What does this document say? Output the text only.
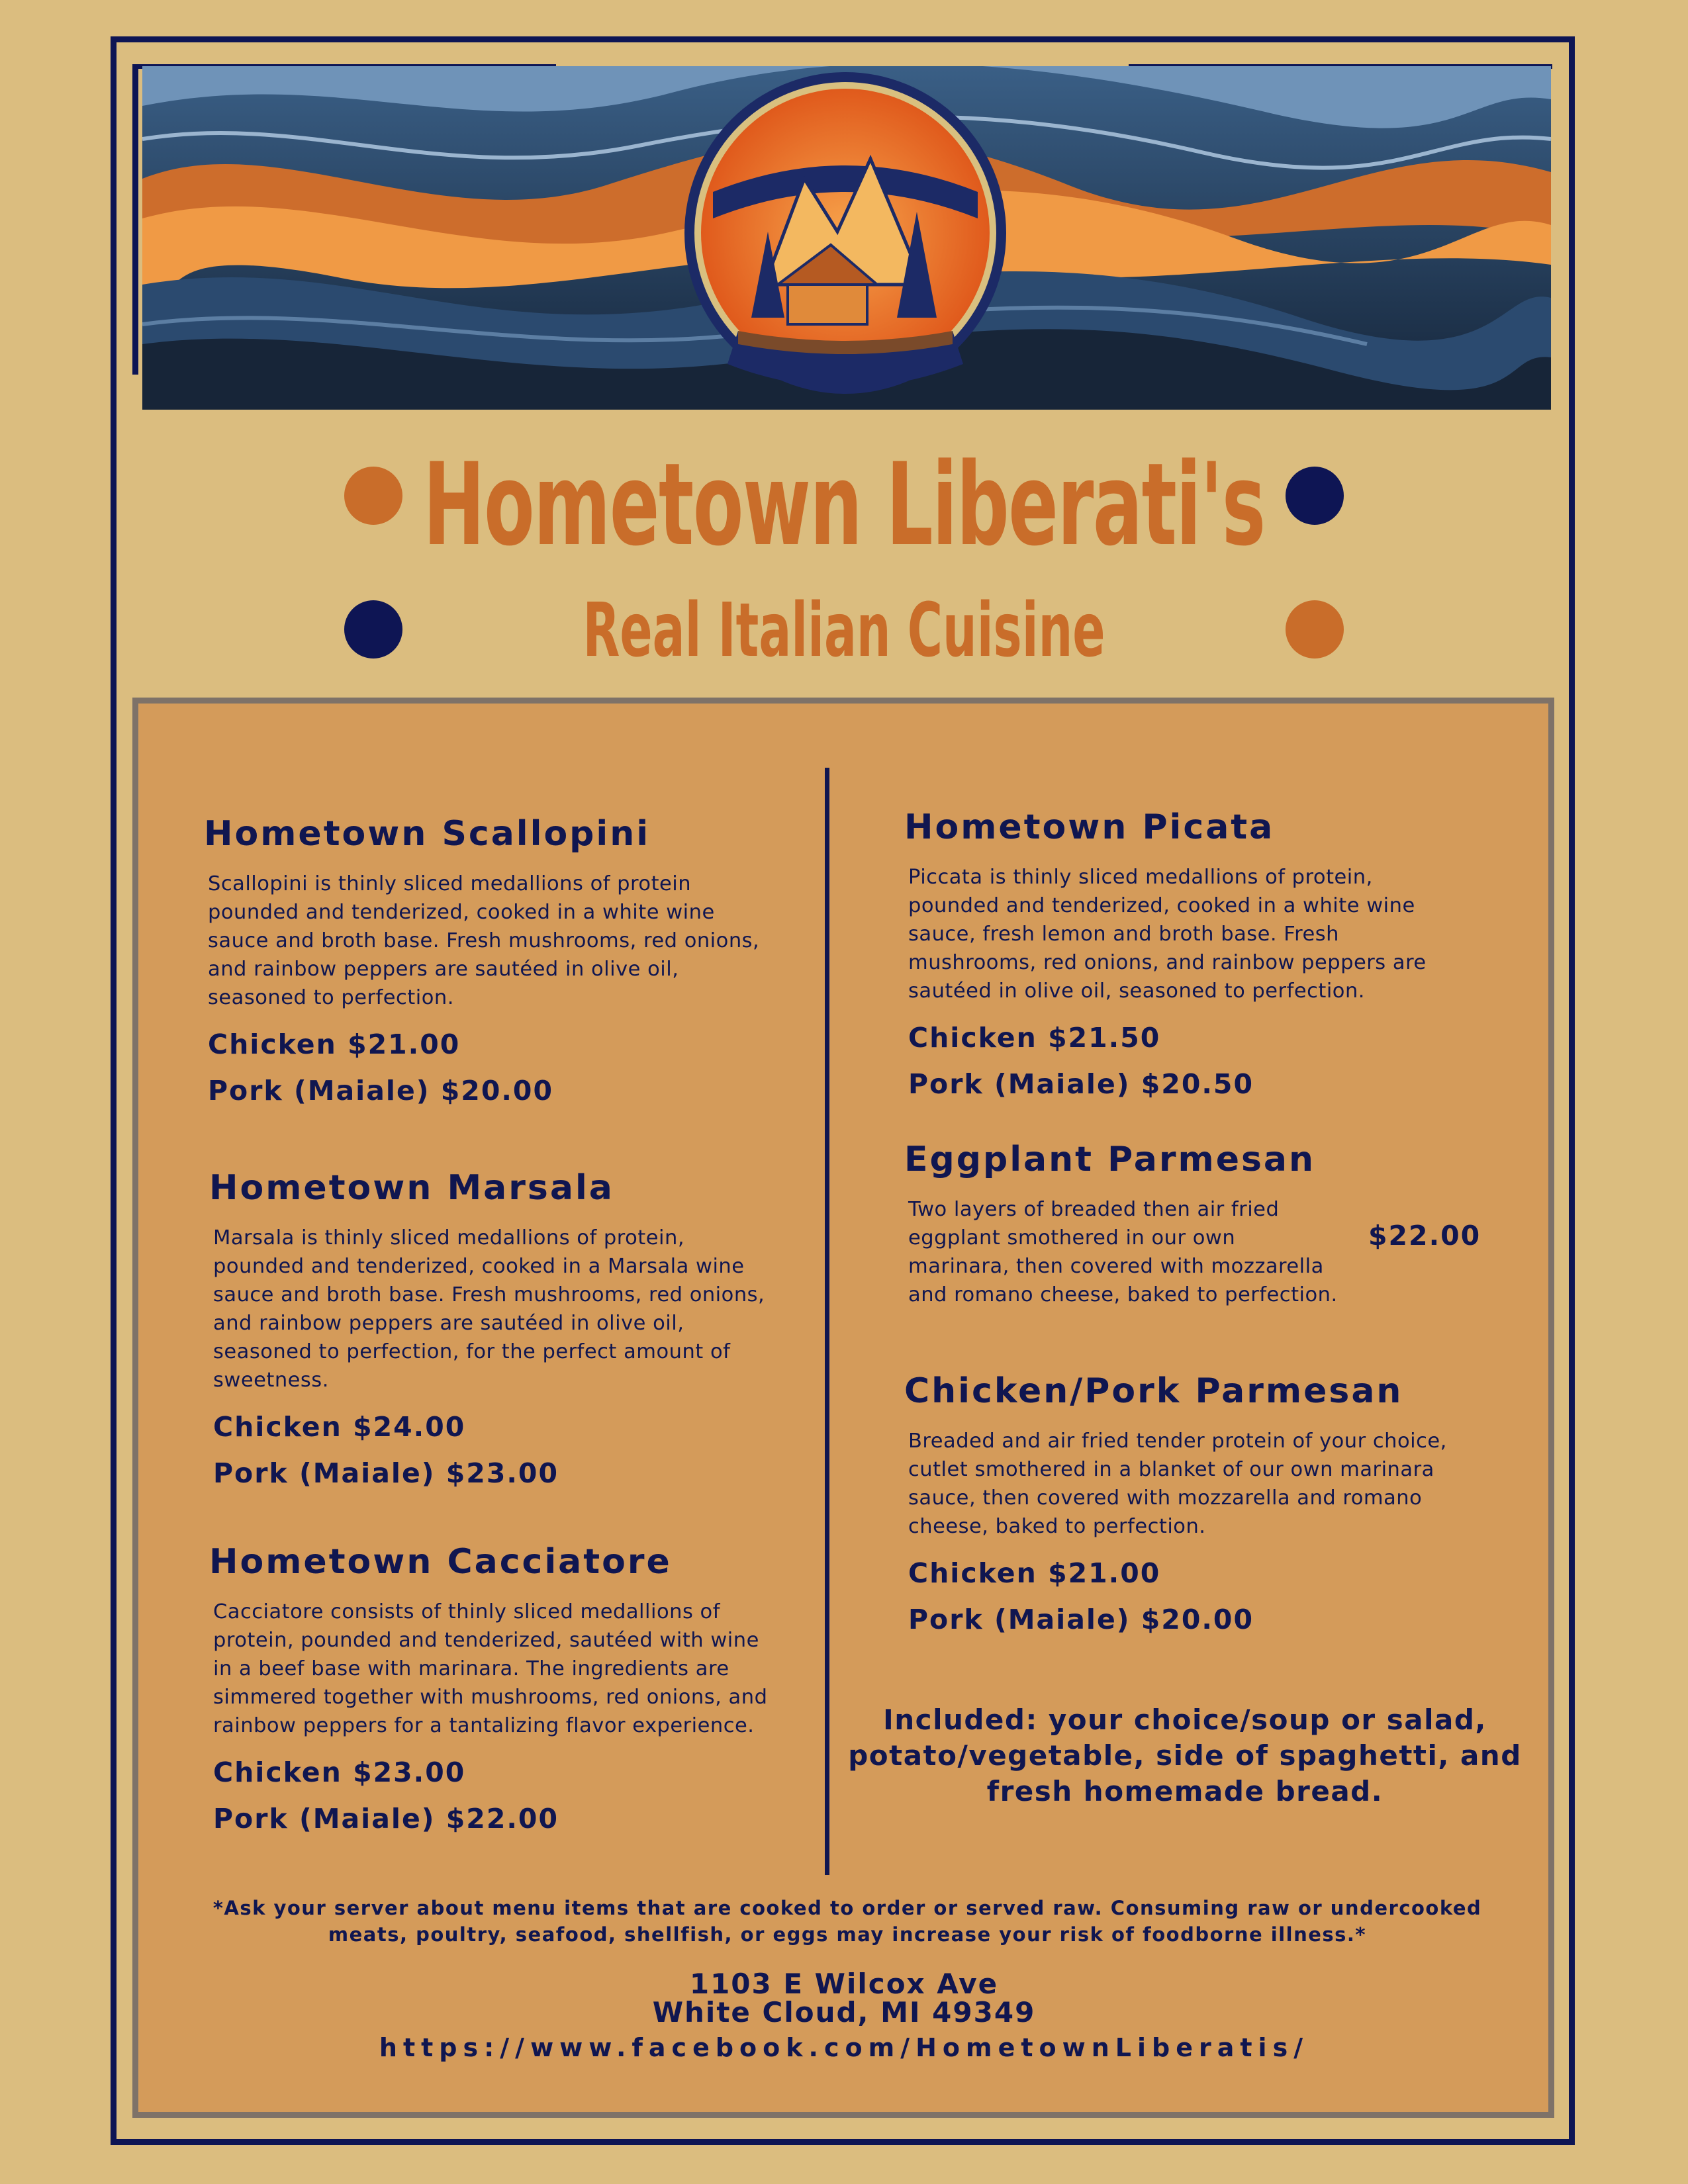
Hometown Liberati's
Real Italian Cuisine
Hometown Scallopini

Scallopini is thinly sliced medallions of protein pounded and tenderized, cooked in a white wine sauce and broth base. Fresh mushrooms, red onions, and rainbow peppers are sautéed in olive oil, seasoned to perfection.

Chicken $21.00
Pork (Maiale) $20.00
Hometown Marsala

Marsala is thinly sliced medallions of protein, pounded and tenderized, cooked in a Marsala wine sauce and broth base. Fresh mushrooms, red onions, and rainbow peppers are sautéed in olive oil, seasoned to perfection, for the perfect amount of sweetness.

Chicken $24.00
Pork (Maiale) $23.00
Hometown Cacciatore

Cacciatore consists of thinly sliced medallions of protein, pounded and tenderized, sautéed with wine in a beef base with marinara. The ingredients are simmered together with mushrooms, red onions, and rainbow peppers for a tantalizing flavor experience.

Chicken $23.00
Pork (Maiale) $22.00
Hometown Picata

Piccata is thinly sliced medallions of protein, pounded and tenderized, cooked in a white wine sauce, fresh lemon and broth base. Fresh mushrooms, red onions, and rainbow peppers are sautéed in olive oil, seasoned to perfection.

Chicken $21.50
Pork (Maiale) $20.50
Eggplant Parmesan

Two layers of breaded then air fried eggplant smothered in our own marinara, then covered with mozzarella and romano cheese, baked to perfection.

$22.00
Chicken/Pork Parmesan

Breaded and air fried tender protein of your choice, cutlet smothered in a blanket of our own marinara sauce, then covered with mozzarella and romano cheese, baked to perfection.

Chicken $21.00
Pork (Maiale) $20.00
Included: your choice/soup or salad, potato/vegetable, side of spaghetti, and fresh homemade bread.
*Ask your server about menu items that are cooked to order or served raw. Consuming raw or undercooked meats, poultry, seafood, shellfish, or eggs may increase your risk of foodborne illness.*
1103 E Wilcox Ave
White Cloud, MI 49349
https://www.facebook.com/HometownLiberatis/
